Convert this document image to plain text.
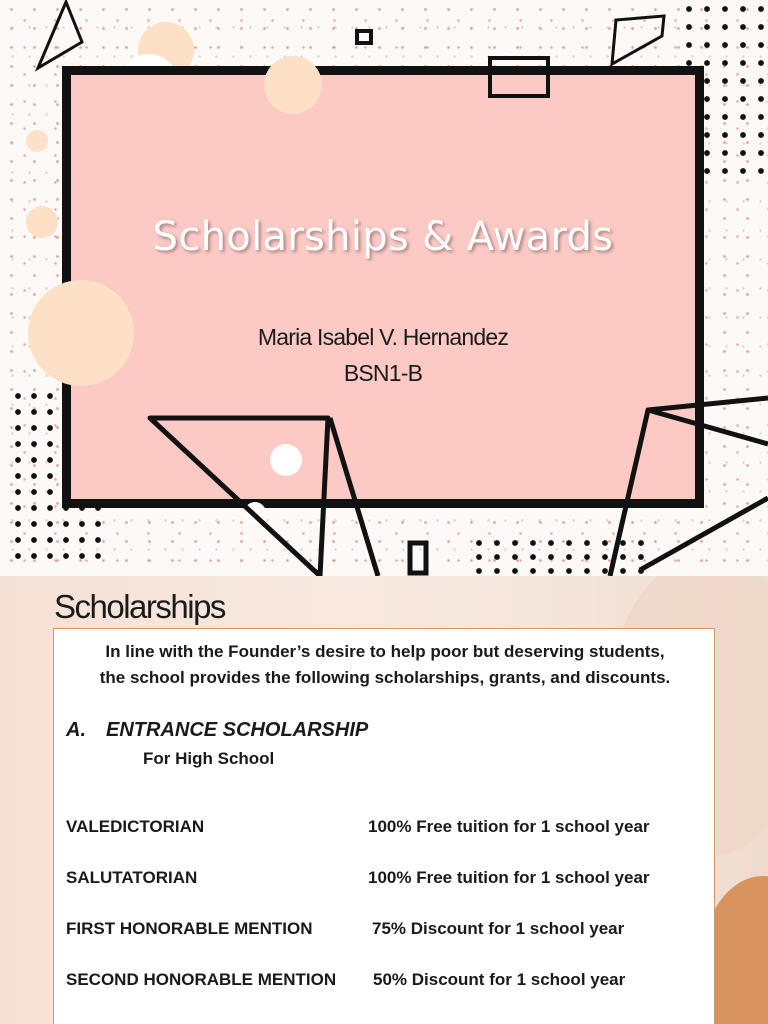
Scholarships & Awards
Maria Isabel V. Hernandez
BSN1-B
Scholarships
In line with the Founder’s desire to help poor but deserving students,
the school provides the following scholarships, grants, and discounts.
A. ENTRANCE SCHOLARSHIP
For High School
VALEDICTORIAN	100% Free tuition for 1 school year
SALUTATORIAN	100% Free tuition for 1 school year
FIRST HONORABLE MENTION	75% Discount for 1 school year
SECOND HONORABLE MENTION 50% Discount for 1 school year
